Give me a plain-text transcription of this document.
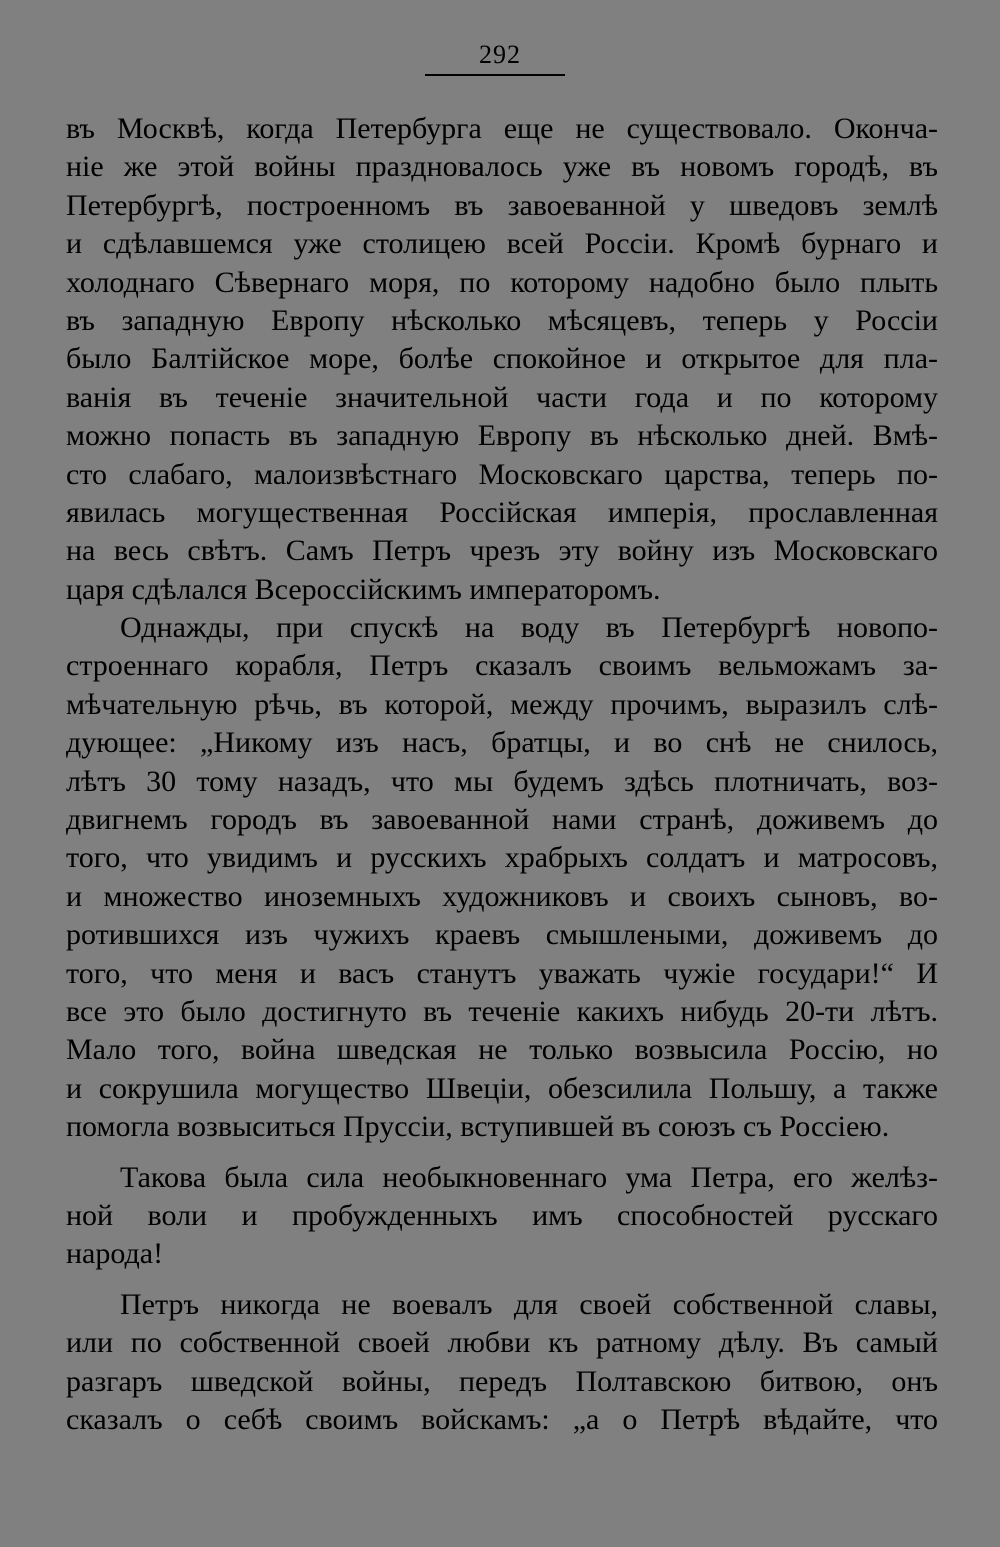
292
въ Москвѣ, когда Петербурга еще не существовало. Оконча-
ніе же этой войны праздновалось уже въ новомъ городѣ, въ
Петербургѣ, построенномъ въ завоеванной у шведовъ землѣ
и сдѣлавшемся уже столицею всей Россіи. Кромѣ бурнаго и
холоднаго Сѣвернаго моря, по которому надобно было плыть
въ западную Европу нѣсколько мѣсяцевъ, теперь у Россіи
было Балтійское море, болѣе спокойное и открытое для пла-
ванія въ теченіе значительной части года и по которому
можно попасть въ западную Европу въ нѣсколько дней. Вмѣ-
сто слабаго, малоизвѣстнаго Московскаго царства, теперь по-
явилась могущественная Россійская имперія, прославленная
на весь свѣтъ. Самъ Петръ чрезъ эту войну изъ Московскаго
царя сдѣлался Всероссійскимъ императоромъ.
Однажды, при спускѣ на воду въ Петербургѣ новопо-
строеннаго корабля, Петръ сказалъ своимъ вельможамъ за-
мѣчательную рѣчь, въ которой, между прочимъ, выразилъ слѣ-
дующее: „Никому изъ насъ, братцы, и во снѣ не снилось,
лѣтъ 30 тому назадъ, что мы будемъ здѣсь плотничать, воз-
двигнемъ городъ въ завоеванной нами странѣ, доживемъ до
того, что увидимъ и русскихъ храбрыхъ солдатъ и матросовъ,
и множество иноземныхъ художниковъ и своихъ сыновъ, во-
ротившихся изъ чужихъ краевъ смышлеными, доживемъ до
того, что меня и васъ станутъ уважать чужіе государи!“ И
все это было достигнуто въ теченіе какихъ нибудь 20-ти лѣтъ.
Мало того, война шведская не только возвысила Россію, но
и сокрушила могущество Швеціи, обезсилила Польшу, а также
помогла возвыситься Пруссіи, вступившей въ союзъ съ Россіею.
Такова была сила необыкновеннаго ума Петра, его желѣз-
ной воли и пробужденныхъ имъ способностей русскаго
народа!
Петръ никогда не воевалъ для своей собственной славы,
или по собственной своей любви къ ратному дѣлу. Въ самый
разгаръ шведской войны, передъ Полтавскою битвою, онъ
сказалъ о себѣ своимъ войскамъ: „а о Петрѣ вѣдайте, что
